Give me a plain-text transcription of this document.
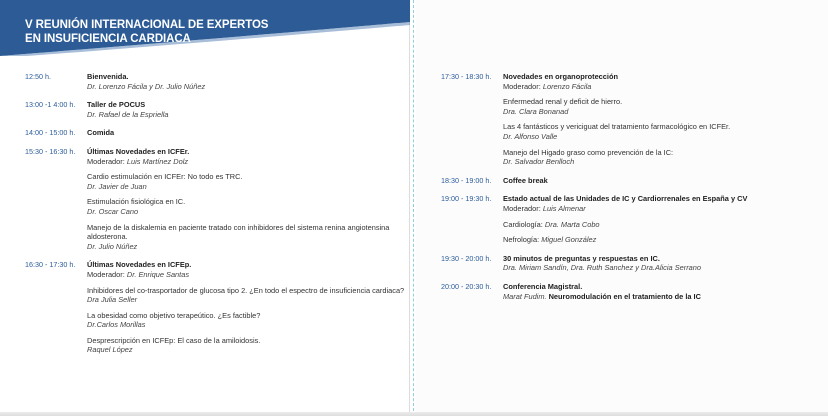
V REUNIÓN INTERNACIONAL DE EXPERTOS
EN INSUFICIENCIA CARDIACA
12:50 h.	Bienvenida.
Dr. Lorenzo Fácila y Dr. Julio Núñez
13:00 -1 4:00 h. Taller de POCUS
Dr. Rafael de la Espriella
14:00 - 15:00 h. Comida
15:30 - 16:30 h. Últimas Novedades en ICFEr.
Moderador: Luis Martínez Dolz
Cardio estimulación en ICFEr: No todo es TRC.
Dr. Javier de Juan
Estimulación fisiológica en IC.
Dr. Oscar Cano
Manejo de la diskalemia en paciente tratado con inhibidores del sistema renina angiotensina aldosterona.
Dr. Julio Núñez
16:30 - 17:30 h. Últimas Novedades en ICFEp.
Moderador: Dr. Enrique Santas
Inhibidores del co-trasportador de glucosa tipo 2. ¿En todo el espectro de insuficiencia cardiaca?
Dra Julia Seller
La obesidad como objetivo terapeútico. ¿Es factible?
Dr.Carlos Morillas
Desprescripción en ICFEp: El caso de la amiloidosis.
Raquel López
17:30 - 18:30 h. Novedades en organoprotección
Moderador: Lorenzo Fácila
Enfermedad renal y deficit de hierro.
Dra. Clara Bonanad
Las 4 fantásticos y vericiguat del tratamiento farmacológico en ICFEr.
Dr. Alfonso Valle
Manejo del Higado graso como prevención de la IC:
Dr. Salvador Benlloch
18:30 - 19:00 h. Coffee break
19:00 - 19:30 h. Estado actual de las Unidades de IC y Cardiorrenales en España y CV
Moderador: Luis Almenar
Cardiología: Dra. Marta Cobo
Nefrología: Miguel González
19:30 - 20:00 h. 30 minutos de preguntas y respuestas en IC.
Dra. Miriam Sandín, Dra. Ruth Sanchez y Dra.Alicia Serrano
20:00 - 20:30 h. Conferencia Magistral.
Marat Fudim. Neuromodulación en el tratamiento de la IC
